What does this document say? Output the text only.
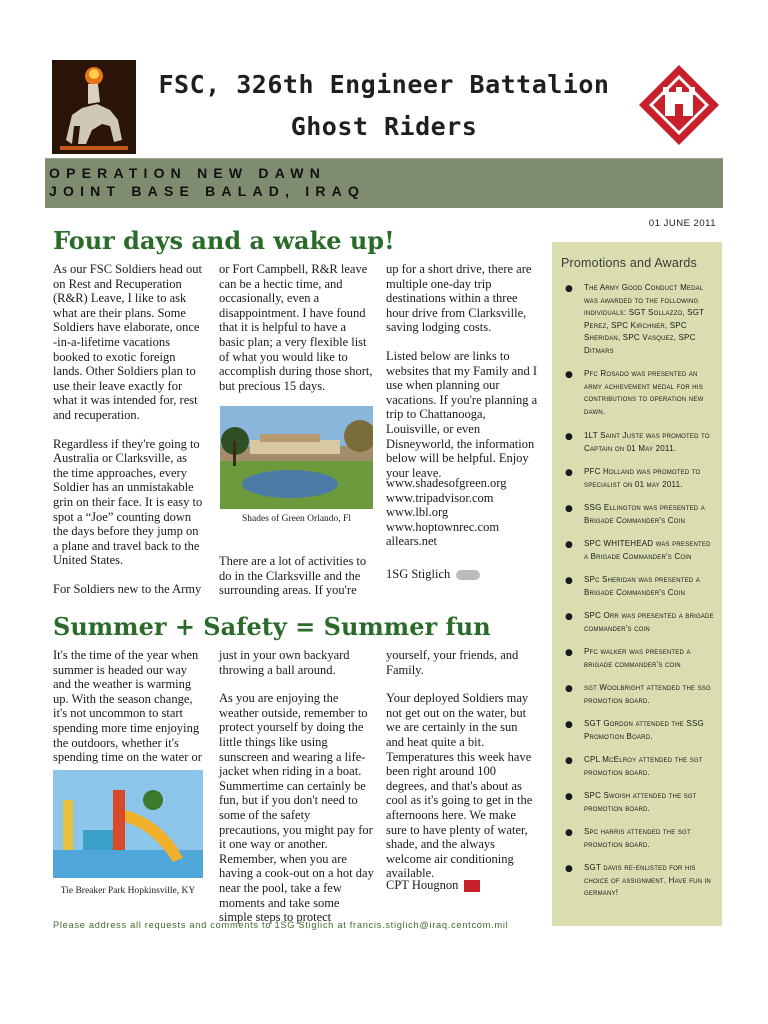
FSC, 326th Engineer Battalion
Ghost Riders
OPERATION NEW DAWN
JOINT BASE BALAD, IRAQ
01 JUNE 2011
Four days and a wake up!

As our FSC Soldiers head out on Rest and Recuperation (R&R) Leave, I like to ask what are their plans. Some Soldiers have elaborate, once -in-a-lifetime vacations booked to exotic foreign lands. Other Soldiers plan to use their leave exactly for what it was intended for, rest and recuperation.

Regardless if they're going to Australia or Clarksville, as the time approaches, every Soldier has an unmistakable grin on their face. It is easy to spot a “Joe” counting down the days before they jump on a plane and travel back to the United States.

For Soldiers new to the Army

or Fort Campbell, R&R leave can be a hectic time, and occasionally, even a disappointment. I have found that it is helpful to have a basic plan; a very flexible list of what you would like to accomplish during those short, but precious 15 days.

Shades of Green Orlando, Fl

There are a lot of activities to do in the Clarksville and the surrounding areas. If you're

up for a short drive, there are multiple one-day trip destinations within a three hour drive from Clarksville, saving lodging costs.

Listed below are links to websites that my Family and I use when planning our vacations. If you're planning a trip to Chattanooga, Louisville, or even Disneyworld, the information below will be helpful. Enjoy your leave.

www.shadesofgreen.org
www.tripadvisor.com
www.lbl.org
www.hoptownrec.com
allears.net
1SG Stiglich
Summer + Safety = Summer fun

It's the time of the year when summer is headed our way and the weather is warming up. With the season change, it's not uncommon to start spending more time enjoying the outdoors, whether it's spending time on the water or

Tie Breaker Park Hopkinsville, KY

just in your own backyard throwing a ball around.

As you are enjoying the weather outside, remember to protect yourself by doing the little things like using sunscreen and wearing a life-jacket when riding in a boat. Summertime can certainly be fun, but if you don't need to some of the safety precautions, you might pay for it one way or another. Remember, when you are having a cook-out on a hot day near the pool, take a few moments and take some simple steps to protect

yourself, your friends, and Family.

Your deployed Soldiers may not get out on the water, but we are certainly in the sun and heat quite a bit. Temperatures this week have been right around 100 degrees, and that's about as cool as it's going to get in the afternoons here. We make sure to have plenty of water, shade, and the always welcome air conditioning available.

CPT Hougnon
Promotions and Awards
● The Army Good Conduct Medal was awarded to the following individuals: SGT Sollazzo, SGT Perez, SPC Kirchner, SPC Sheridan, SPC Vasquez, SPC Ditmars
● Pfc Rosado was presented an army achievement medal for his contributions to operation new dawn.
● 1LT Saint Juste was promoted to Captain on 01 May 2011.
● PFC Holland was promoted to specialist on 01 may 2011.
● SSG Ellington was presented a Brigade Commander's Coin
● SPC WHITEHEAD was presented a Brigade Commander's Coin
● SPc Sheridan was presented a Brigade Commander's Coin
● SPC Orr was presented a brigade commander's coin
● Pfc walker was presented a brigade commander's coin
● sgt Woolbright attended the ssg promotion board.
● SGT Gordon attended the SSG Promotion Board.
● CPL McElroy attended the sgt promotion board.
● SPC Swoish attended the sgt promotion board.
● Spc harris attended the sgt promotion board.
● SGT davis re-enlisted for his choice of assignment. Have fun in germany!
Please address all requests and comments to 1SG Stiglich at francis.stiglich@iraq.centcom.mil
